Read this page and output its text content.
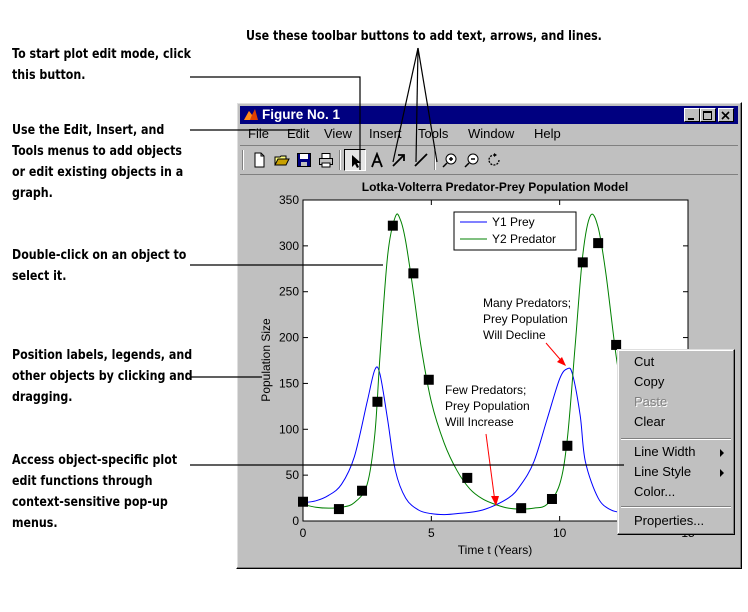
To start plot edit mode, click
this button.
Use these toolbar buttons to add text, arrows, and lines.
Use the Edit, Insert, and
Tools menus to add objects
or edit existing objects in a
graph.
Double-click on an object to
select it.
Position labels, legends, and
other objects by clicking and
dragging.
Access object-specific plot
edit functions through
context-sensitive pop-up
menus.
Figure No. 1
File Edit View Insert Tools Window Help
Lotka-Volterra Predator-Prey Population Model
Time t (Years)
Population Size
0	5	10
0
50
100
150
200
250
300
350
Y1 Prey
Y2 Predator
Many Predators;
Prey Population
Will Decline
Few Predators;
Prey Population
Will Increase
Cut
Copy
Paste
Clear
Line Width
Line Style
Color...
Properties...
